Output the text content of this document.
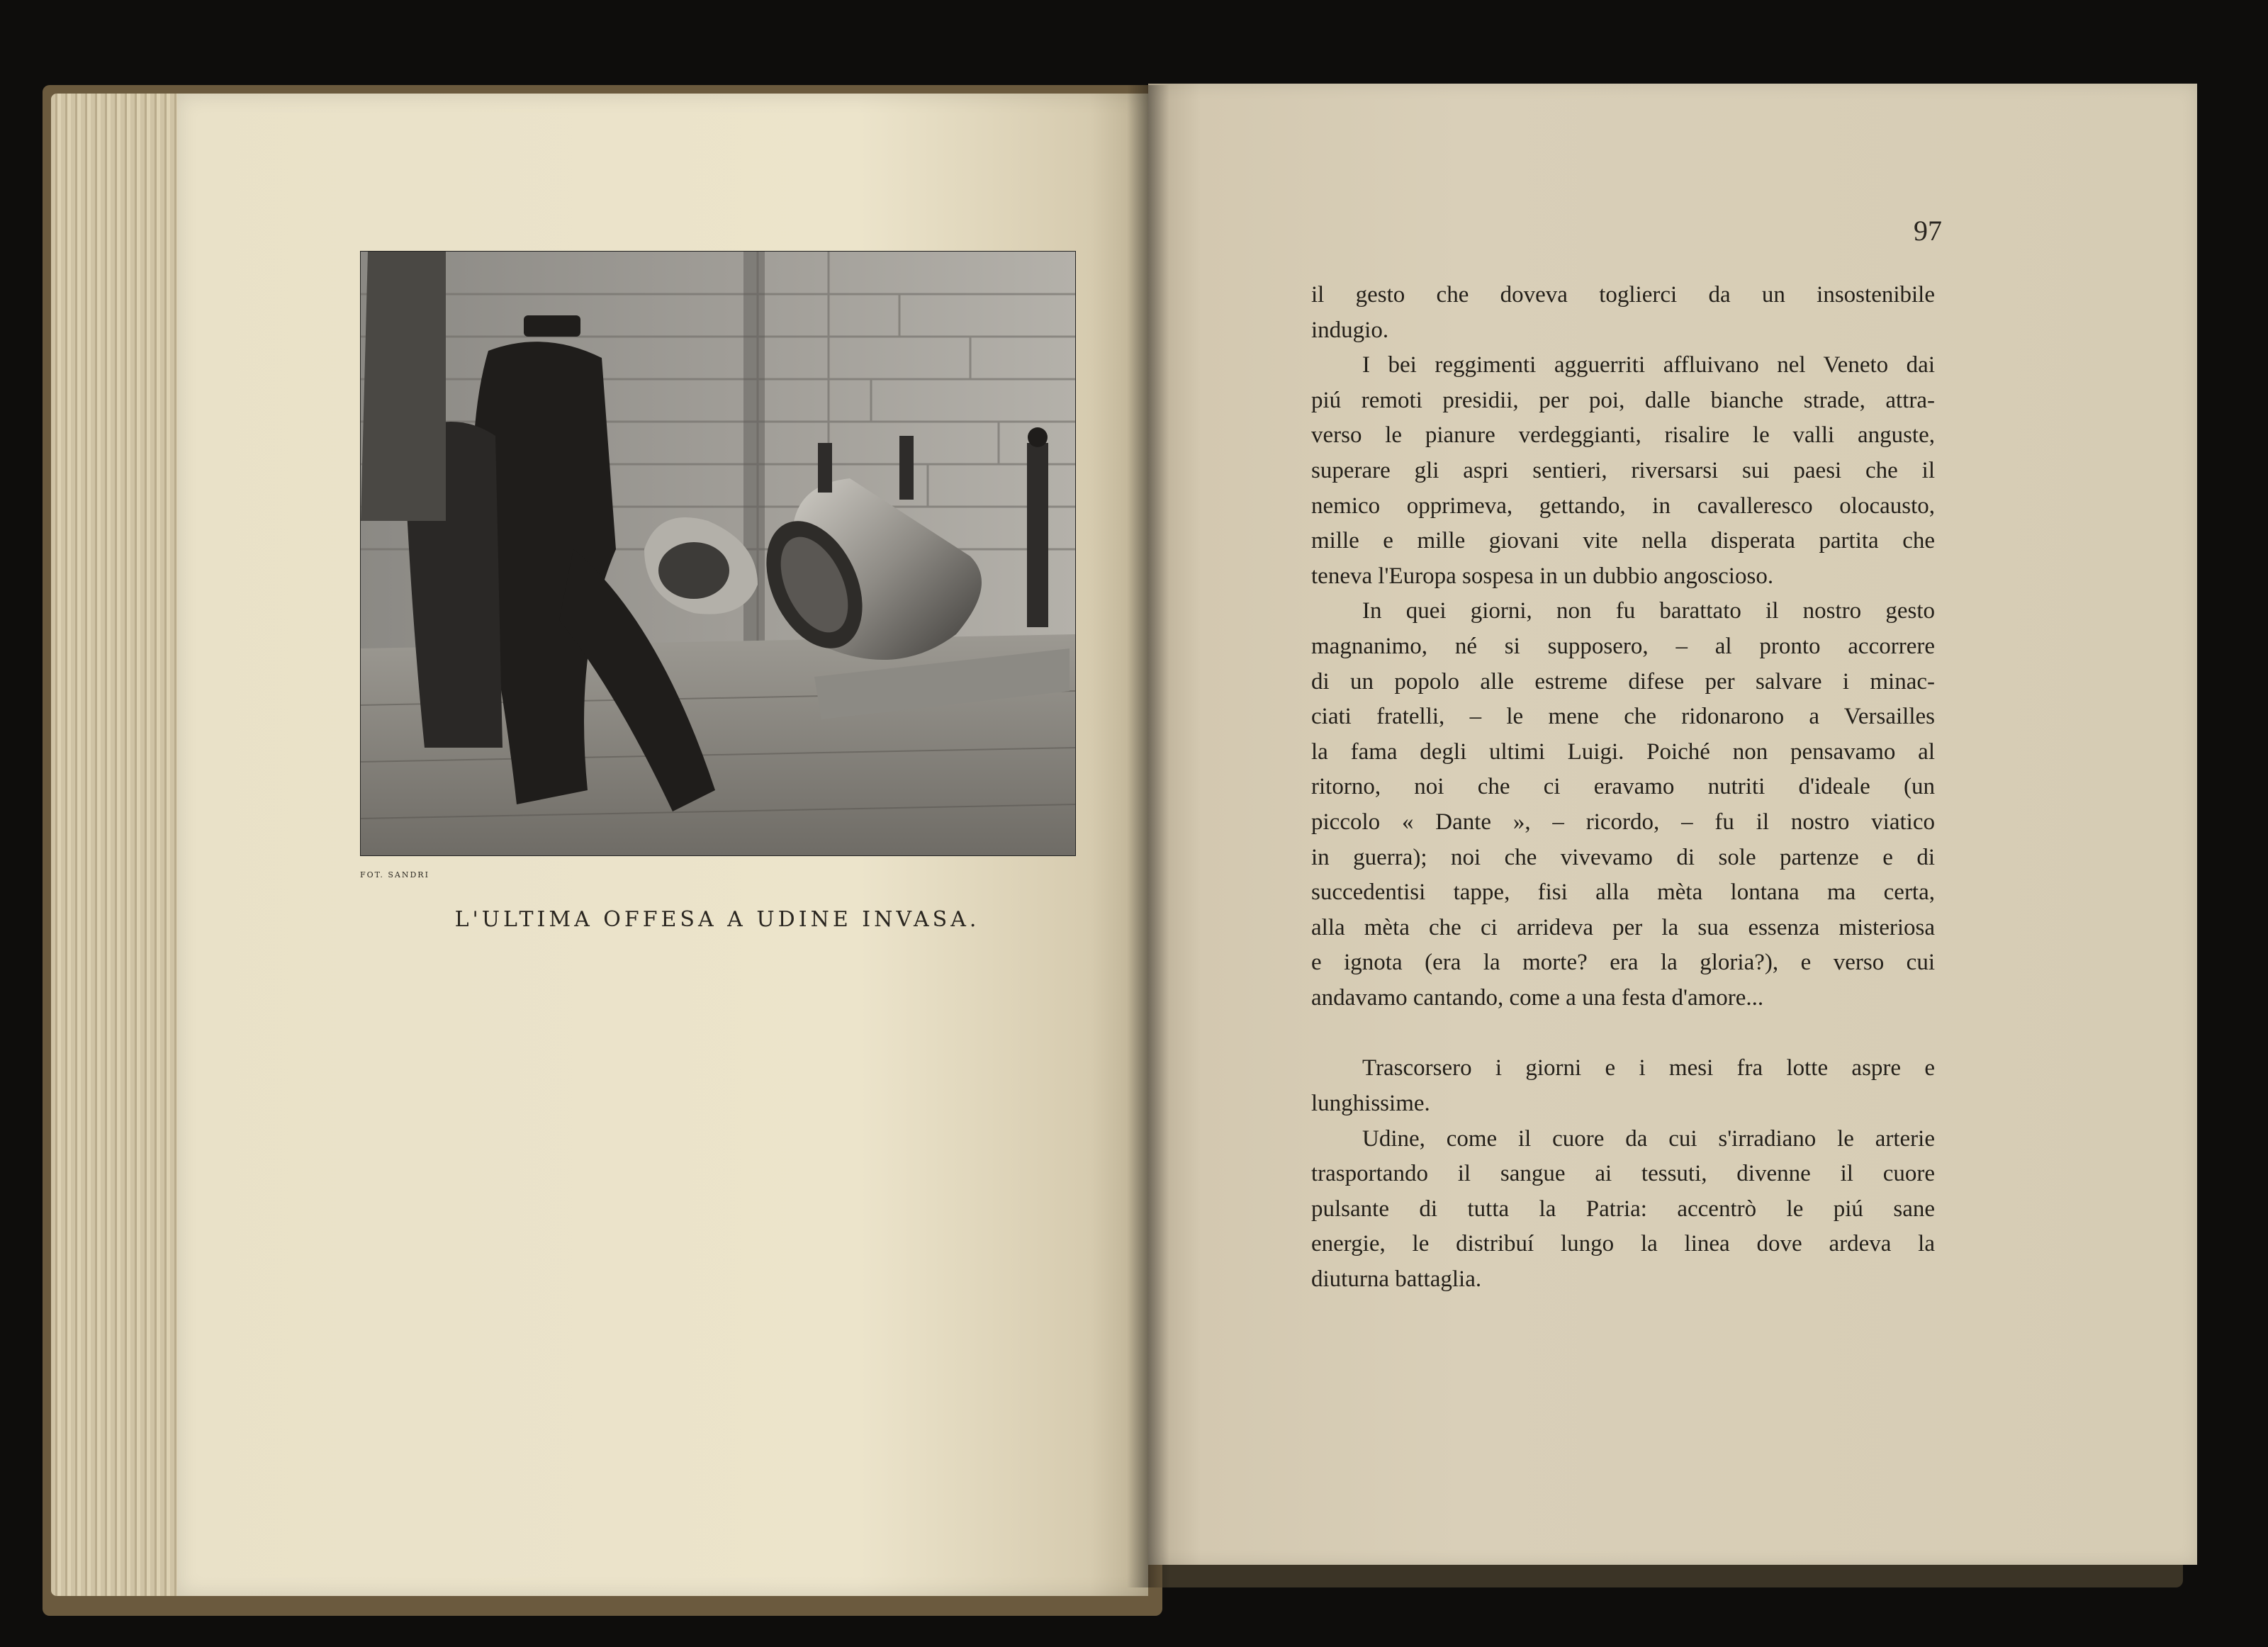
FOT. SANDRI
L'ULTIMA OFFESA A UDINE INVASA.
97
il gesto che doveva toglierci da un insostenibile
indugio.
I bei reggimenti agguerriti affluivano nel Veneto dai
piú remoti presidii, per poi, dalle bianche strade, attra-
verso le pianure verdeggianti, risalire le valli anguste,
superare gli aspri sentieri, riversarsi sui paesi che il
nemico opprimeva, gettando, in cavalleresco olocausto,
mille e mille giovani vite nella disperata partita che
teneva l'Europa sospesa in un dubbio angoscioso.
In quei giorni, non fu barattato il nostro gesto
magnanimo, né si supposero, – al pronto accorrere
di un popolo alle estreme difese per salvare i minac-
ciati fratelli, – le mene che ridonarono a Versailles
la fama degli ultimi Luigi. Poiché non pensavamo al
ritorno, noi che ci eravamo nutriti d'ideale (un
piccolo « Dante », – ricordo, – fu il nostro viatico
in guerra); noi che vivevamo di sole partenze e di
succedentisi tappe, fisi alla mèta lontana ma certa,
alla mèta che ci arrideva per la sua essenza misteriosa
e ignota (era la morte? era la gloria?), e verso cui
andavamo cantando, come a una festa d'amore...
Trascorsero i giorni e i mesi fra lotte aspre e
lunghissime.
Udine, come il cuore da cui s'irradiano le arterie
trasportando il sangue ai tessuti, divenne il cuore
pulsante di tutta la Patria: accentrò le piú sane
energie, le distribuí lungo la linea dove ardeva la
diuturna battaglia.
